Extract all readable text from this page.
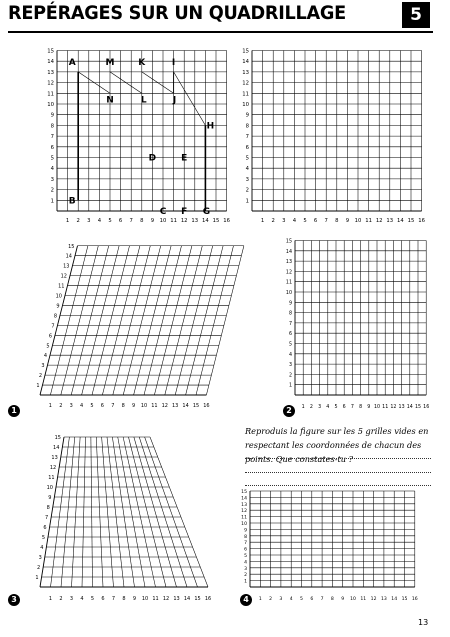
REPÉRAGES SUR UN QUADRILLAGE	5
1 2 3 4 5 6 7 8 9 10 11 12 13 14 15 16
1
2
3
4
5
6
7
8
9
10
11
12
13
14
15
1 2 3 4 5 6 7 8 9 10 11 12 13 14 15 16
1
2
3
4
5
6
7
8
9
10
11
12
13
14
15
1 2 3 4 5 6 7 8 9 10 11 12 13 14 15 16
1
2
3
4
5
6
7
8
9
10
11
12
13
14
15
1 2 3 4 5 6 7 8 9 10 11 12 13 14 15 16
1
2
3
4
5
6
7
8
9
10
11
12
13
14
15
1 2 3 4 5 6 7 8 9 10 11 12 13 14 15 16
1
2
3
4
5
6
7
8
9
10
11
12
13
14
15
1 2 3 4 5 6 7 8 9 10 11 12 13 14 15 16
1
2
3
4
5
6
7
8
9
10
11
12
13
14
15
A	M	K	I
N	L	J
H
D	E
B
C F G
1	2
3	4
Reproduis la figure sur les 5 grilles vides en respectant les coordonnées de chacun des points. Que constates-tu ?
13
